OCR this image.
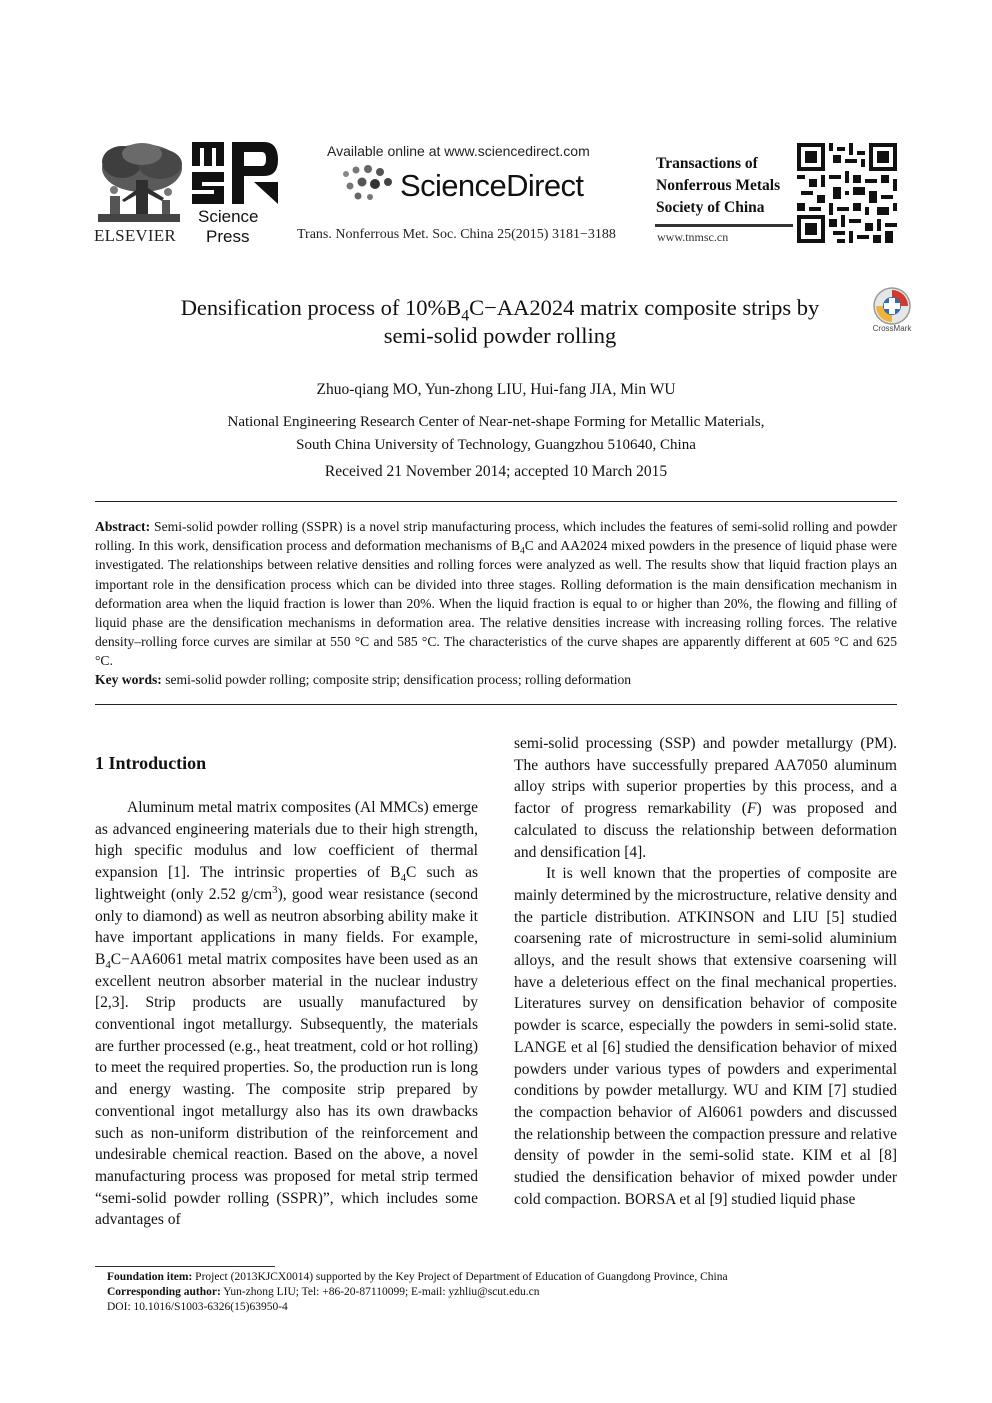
ELSEVIER
Science
Press
Available online at www.sciencedirect.com
ScienceDirect
Trans. Nonferrous Met. Soc. China 25(2015) 3181−3188
Transactions of
Nonferrous Metals
Society of China
www.tnmsc.cn
Densification process of $10\%B_4C-AA2024$ matrix composite strips by
semi-solid powder rolling	CrossMark
Zhuo-qiang MO, Yun-zhong LIU, Hui-fang JIA, Min WU
National Engineering Research Center of Near-net-shape Forming for Metallic Materials,
South China University of Technology, Guangzhou 510640, China
Received 21 November 2014; accepted 10 March 2015
Abstract: Semi-solid powder rolling (SSPR) is a novel strip manufacturing process, which includes the features of semi-solid rolling and powder rolling. In this work, densification process and deformation mechanisms of $B_4C$ and AA2024 mixed powders in the presence of liquid phase were investigated. The relationships between relative densities and rolling forces were analyzed as well. The results show that liquid fraction plays an important role in the densification process which can be divided into three stages. Rolling deformation is the main densification mechanism in deformation area when the liquid fraction is lower than 20%. When the liquid fraction is equal to or higher than 20%, the flowing and filling of liquid phase are the densification mechanisms in deformation area. The relative densities increase with increasing rolling forces. The relative density–rolling force curves are similar at 550 °C and 585 °C. The characteristics of the curve shapes are apparently different at 605 °C and 625 °C.
Key words: semi-solid powder rolling; composite strip; densification process; rolling deformation
1 Introduction

Aluminum metal matrix composites (Al MMCs) emerge as advanced engineering materials due to their high strength, high specific modulus and low coefficient of thermal expansion [1]. The intrinsic properties of $B_4C$ such as lightweight (only 2.52 $g/cm^3$), good wear resistance (second only to diamond) as well as neutron absorbing ability make it have important applications in many fields. For example, $B_4C-AA6061$ metal matrix composites have been used as an excellent neutron absorber material in the nuclear industry [2,3]. Strip products are usually manufactured by conventional ingot metallurgy. Subsequently, the materials are further processed (e.g., heat treatment, cold or hot rolling) to meet the required properties. So, the production run is long and energy wasting. The composite strip prepared by conventional ingot metallurgy also has its own drawbacks such as non-uniform distribution of the reinforcement and undesirable chemical reaction. Based on the above, a novel manufacturing process was proposed for metal strip termed “semi-solid powder rolling (SSPR)”, which includes some advantages of

semi-solid processing (SSP) and powder metallurgy (PM). The authors have successfully prepared AA7050 aluminum alloy strips with superior properties by this process, and a factor of progress remarkability (F) was proposed and calculated to discuss the relationship between deformation and densification [4].

It is well known that the properties of composite are mainly determined by the microstructure, relative density and the particle distribution. ATKINSON and LIU [5] studied coarsening rate of microstructure in semi-solid aluminium alloys, and the result shows that extensive coarsening will have a deleterious effect on the final mechanical properties. Literatures survey on densification behavior of composite powder is scarce, especially the powders in semi-solid state. LANGE et al [6] studied the densification behavior of mixed powders under various types of powders and experimental conditions by powder metallurgy. WU and KIM [7] studied the compaction behavior of Al6061 powders and discussed the relationship between the compaction pressure and relative density of powder in the semi-solid state. KIM et al [8] studied the densification behavior of mixed powder under cold compaction. BORSA et al [9] studied liquid phase

Foundation item: Project (2013KJCX0014) supported by the Key Project of Department of Education of Guangdong Province, China
Corresponding author: Yun-zhong LIU; Tel: +86-20-87110099; E-mail: yzhliu@scut.edu.cn
DOI: 10.1016/S1003-6326(15)63950-4
